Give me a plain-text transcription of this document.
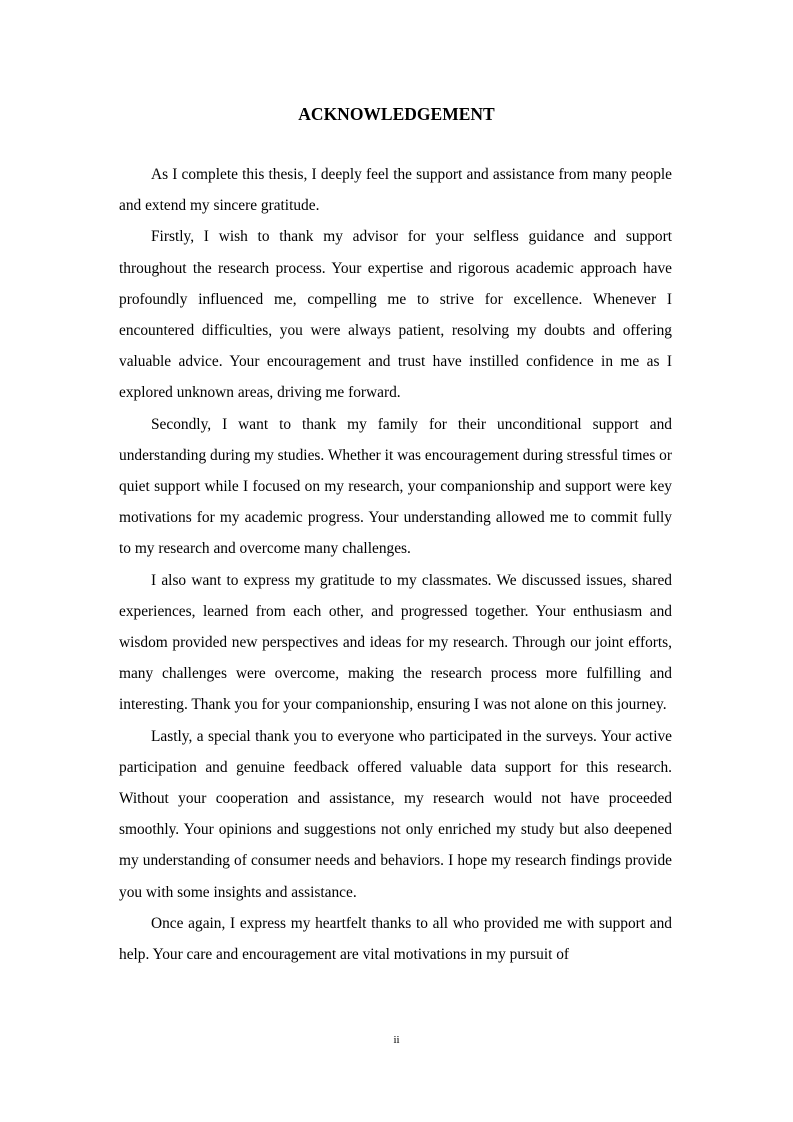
ACKNOWLEDGEMENT

As I complete this thesis, I deeply feel the support and assistance from many people and extend my sincere gratitude.

Firstly, I wish to thank my advisor for your selfless guidance and support throughout the research process. Your expertise and rigorous academic approach have profoundly influenced me, compelling me to strive for excellence. Whenever I encountered difficulties, you were always patient, resolving my doubts and offering valuable advice. Your encouragement and trust have instilled confidence in me as I explored unknown areas, driving me forward.

Secondly, I want to thank my family for their unconditional support and understanding during my studies. Whether it was encouragement during stressful times or quiet support while I focused on my research, your companionship and support were key motivations for my academic progress. Your understanding allowed me to commit fully to my research and overcome many challenges.

I also want to express my gratitude to my classmates. We discussed issues, shared experiences, learned from each other, and progressed together. Your enthusiasm and wisdom provided new perspectives and ideas for my research. Through our joint efforts, many challenges were overcome, making the research process more fulfilling and interesting. Thank you for your companionship, ensuring I was not alone on this journey.

Lastly, a special thank you to everyone who participated in the surveys. Your active participation and genuine feedback offered valuable data support for this research. Without your cooperation and assistance, my research would not have proceeded smoothly. Your opinions and suggestions not only enriched my study but also deepened my understanding of consumer needs and behaviors. I hope my research findings provide you with some insights and assistance.

Once again, I express my heartfelt thanks to all who provided me with support and help. Your care and encouragement are vital motivations in my pursuit of

ii
